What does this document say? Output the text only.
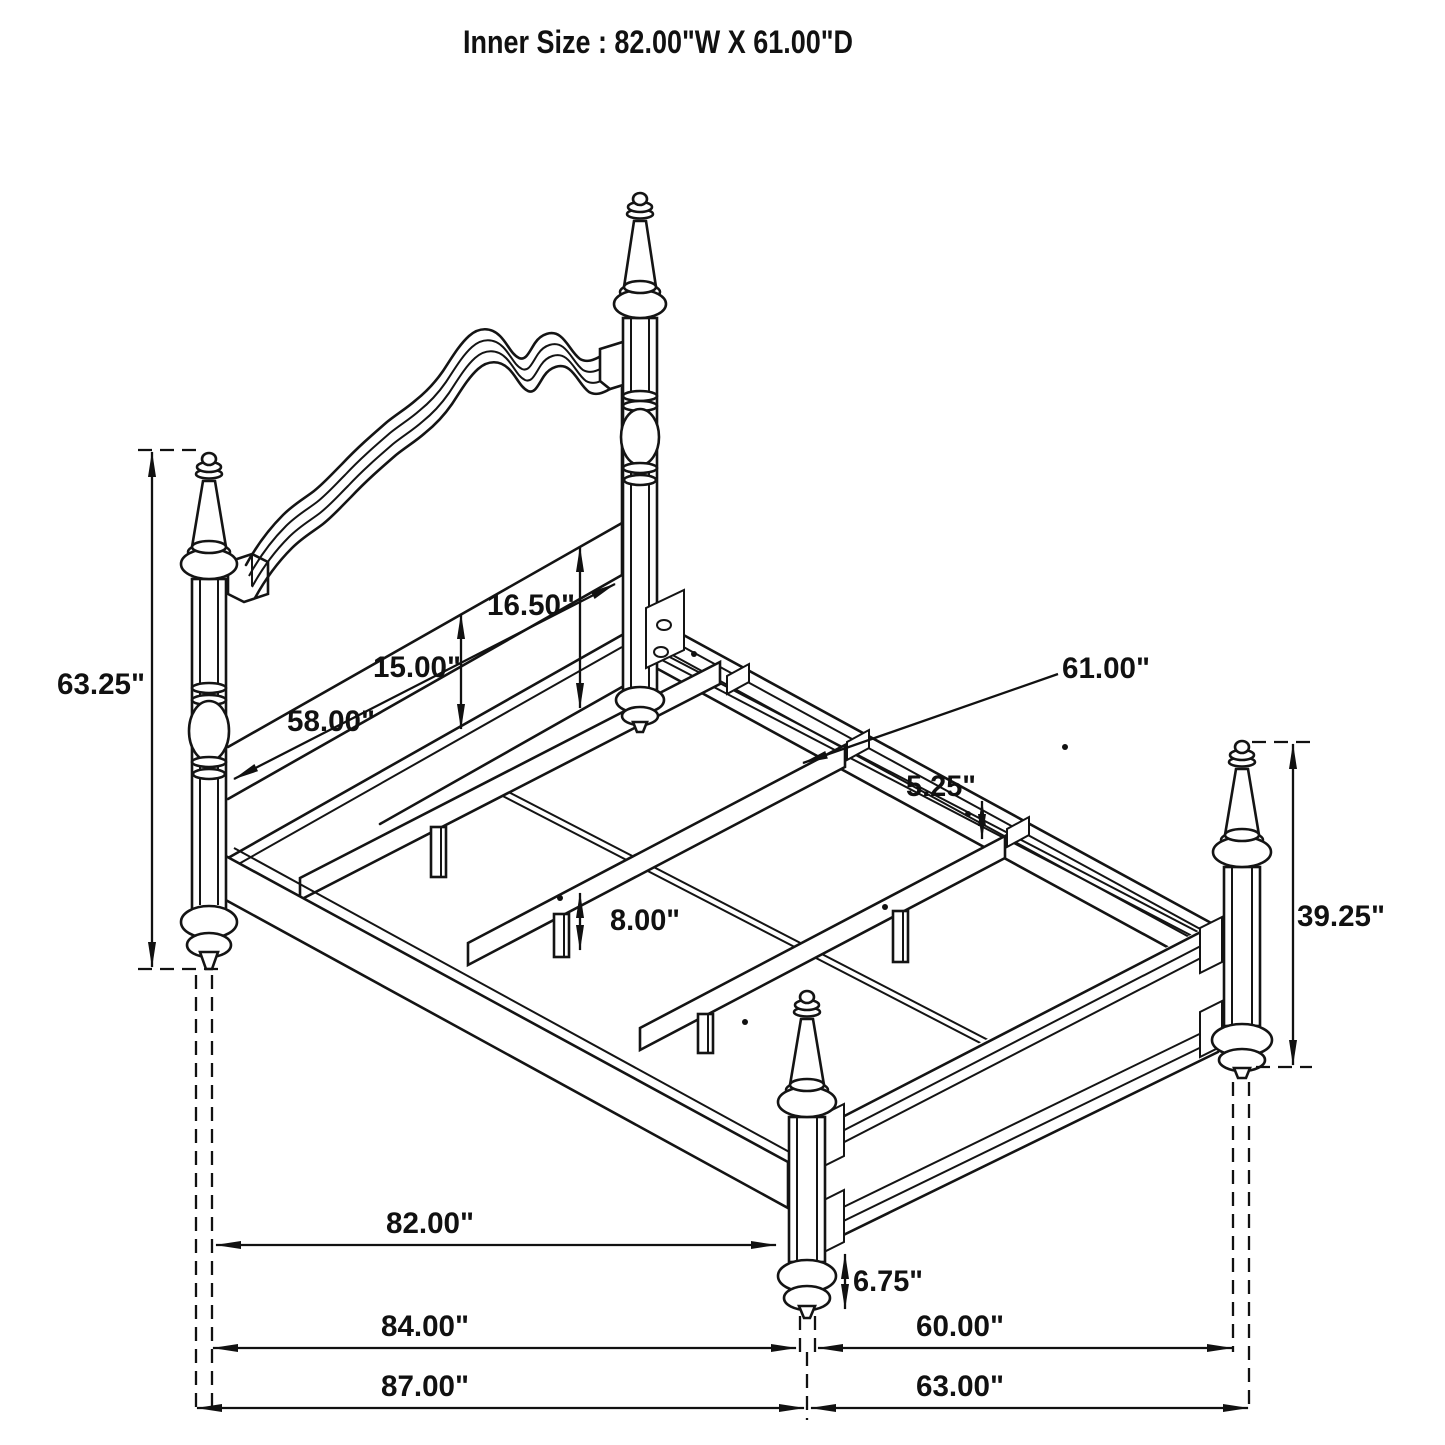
Inner Size : 82.00"W X 61.00"D
63.25"
58.00"
15.00"
16.50"
61.00"
5.25"
8.00"
6.75"
39.25"
82.00"
84.00"	60.00"
87.00"	63.00"
